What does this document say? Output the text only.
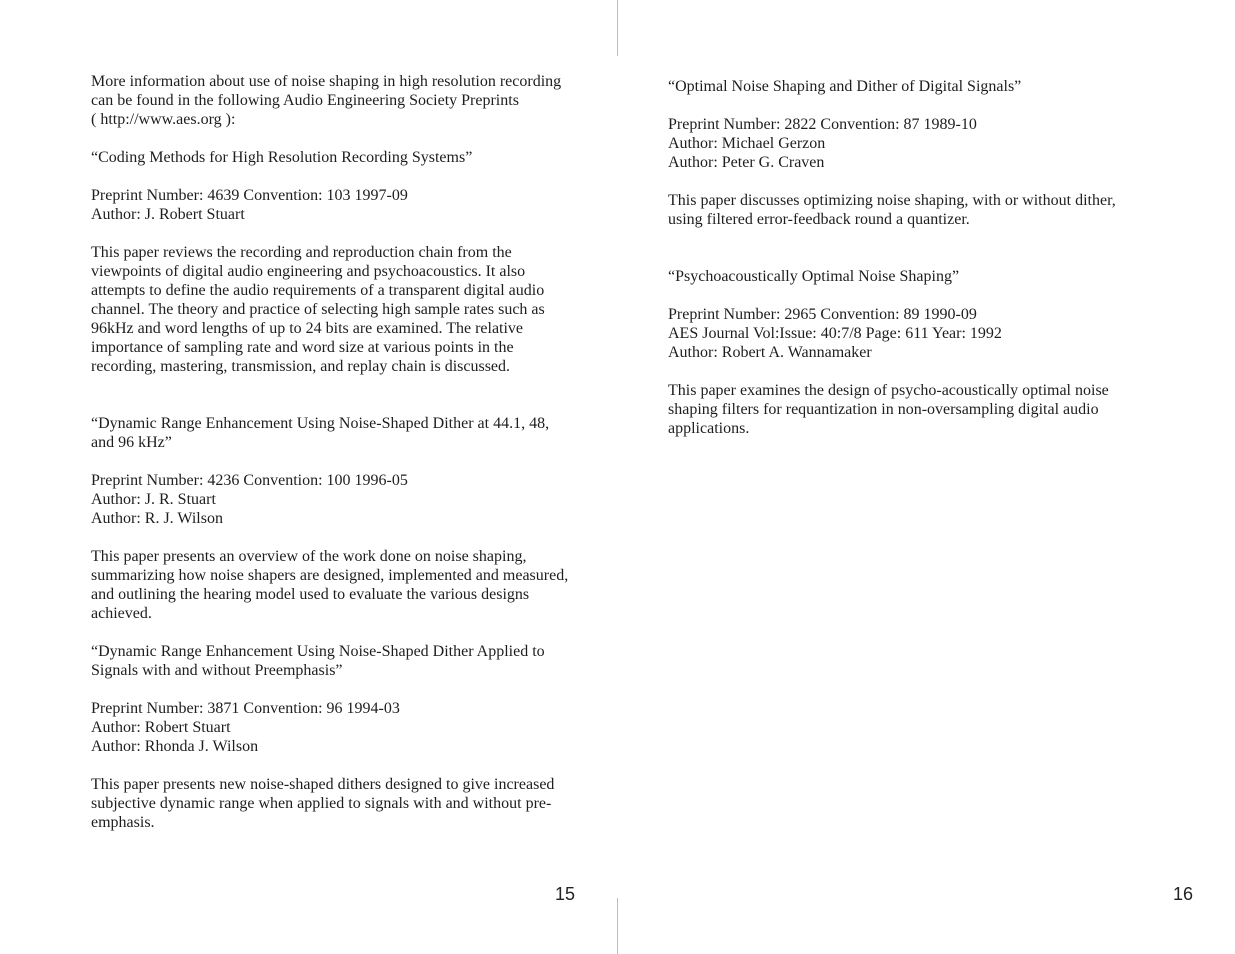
More information about use of noise shaping in high resolution recording
can be found in the following Audio Engineering Society Preprints
( http://www.aes.org ):

“Coding Methods for High Resolution Recording Systems”

Preprint Number: 4639 Convention: 103 1997-09
Author: J. Robert Stuart

This paper reviews the recording and reproduction chain from the
viewpoints of digital audio engineering and psychoacoustics. It also
attempts to define the audio requirements of a transparent digital audio
channel. The theory and practice of selecting high sample rates such as
96kHz and word lengths of up to 24 bits are examined. The relative
importance of sampling rate and word size at various points in the
recording, mastering, transmission, and replay chain is discussed.

“Dynamic Range Enhancement Using Noise-Shaped Dither at 44.1, 48,
and 96 kHz”

Preprint Number: 4236 Convention: 100 1996-05
Author: J. R. Stuart
Author: R. J. Wilson

This paper presents an overview of the work done on noise shaping,
summarizing how noise shapers are designed, implemented and measured,
and outlining the hearing model used to evaluate the various designs
achieved.

“Dynamic Range Enhancement Using Noise-Shaped Dither Applied to
Signals with and without Preemphasis”

Preprint Number: 3871 Convention: 96 1994-03
Author: Robert Stuart
Author: Rhonda J. Wilson

This paper presents new noise-shaped dithers designed to give increased
subjective dynamic range when applied to signals with and without pre-
emphasis.

“Optimal Noise Shaping and Dither of Digital Signals”

Preprint Number: 2822 Convention: 87 1989-10
Author: Michael Gerzon
Author: Peter G. Craven

This paper discusses optimizing noise shaping, with or without dither,
using filtered error-feedback round a quantizer.

“Psychoacoustically Optimal Noise Shaping”

Preprint Number: 2965 Convention: 89 1990-09
AES Journal Vol:Issue: 40:7/8 Page: 611 Year: 1992
Author: Robert A. Wannamaker

This paper examines the design of psycho-acoustically optimal noise
shaping filters for requantization in non-oversampling digital audio
applications.

15	16
